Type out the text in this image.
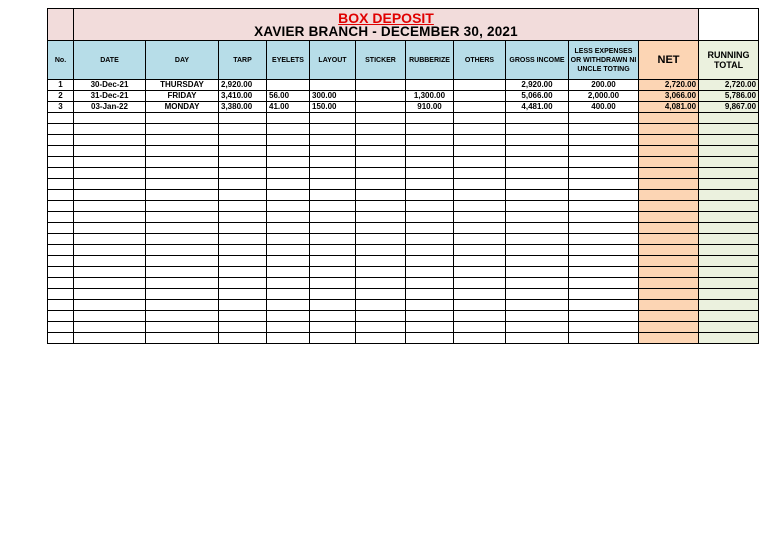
	BOX DEPOSIT
XAVIER BRANCH - DECEMBER 30, 2021											

No.	DATE	DAY	TARP	EYELETS	LAYOUT	STICKER	RUBBERIZE	OTHERS	GROSS INCOME	LESS EXPENSES OR WITHDRAWN NI UNCLE TOTING	NET	RUNNING TOTAL
1	30-Dec-21	THURSDAY	2,920.00						2,920.00	200.00	2,720.00	2,720.00
2	31-Dec-21	FRIDAY	3,410.00	56.00	300.00		1,300.00		5,066.00	2,000.00	3,066.00	5,786.00
3	03-Jan-22	MONDAY	3,380.00	41.00	150.00		910.00		4,481.00	400.00	4,081.00	9,867.00
